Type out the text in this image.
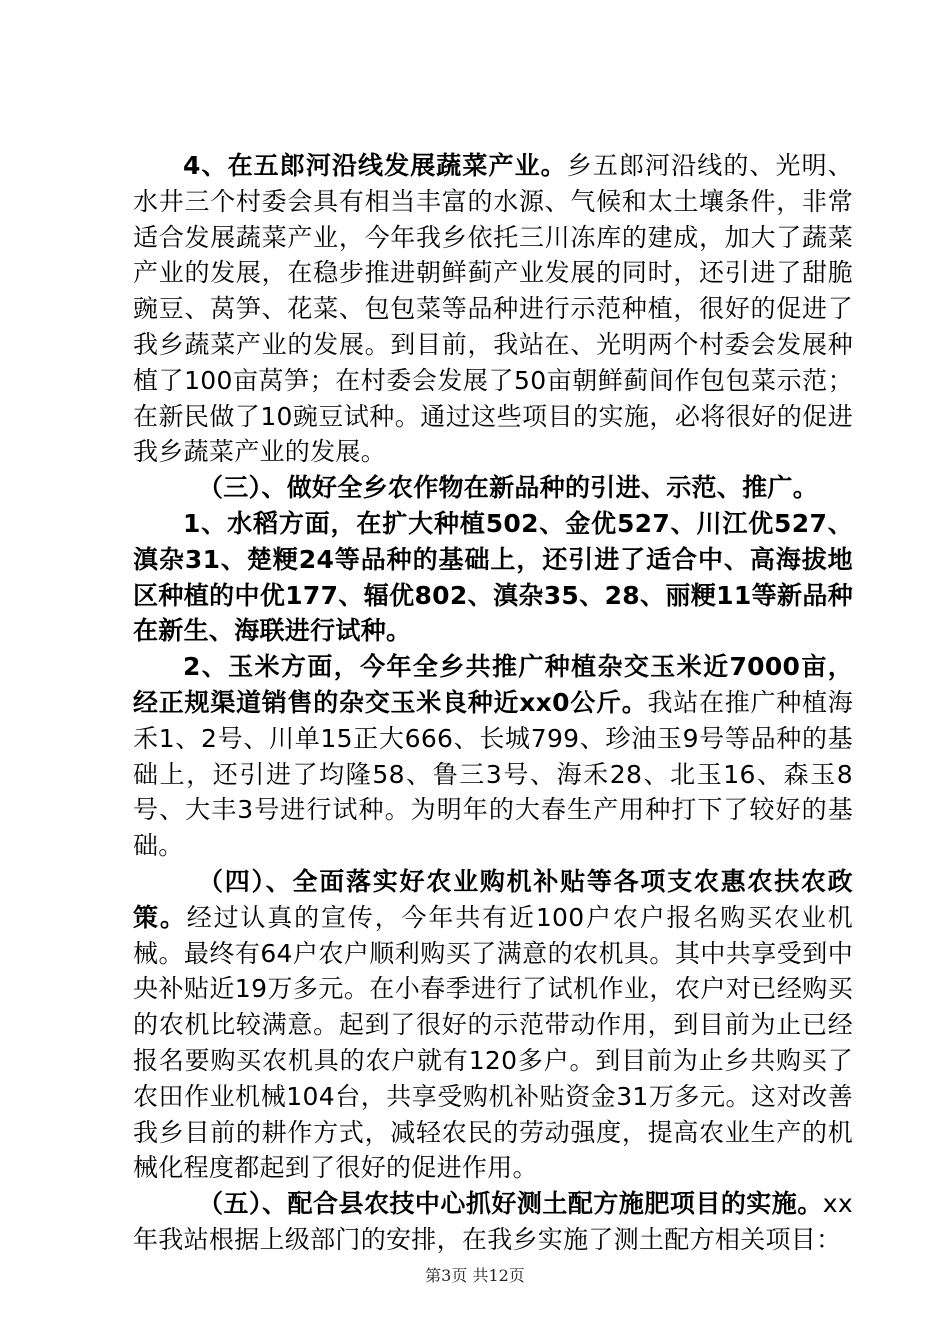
4、在五郎河沿线发展蔬菜产业。乡五郎河沿线的、光明、水井三个村委会具有相当丰富的水源、气候和太土壤条件，非常适合发展蔬菜产业，今年我乡依托三川冻库的建成，加大了蔬菜产业的发展，在稳步推进朝鲜蓟产业发展的同时，还引进了甜脆豌豆、莴笋、花菜、包包菜等品种进行示范种植，很好的促进了我乡蔬菜产业的发展。到目前，我站在、光明两个村委会发展种植了100亩莴笋；在村委会发展了50亩朝鲜蓟间作包包菜示范；在新民做了10豌豆试种。通过这些项目的实施，必将很好的促进我乡蔬菜产业的发展。

（三）、做好全乡农作物在新品种的引进、示范、推广。

1、水稻方面，在扩大种植502、金优527、川江优527、滇杂31、楚粳24等品种的基础上，还引进了适合中、高海拔地区种植的中优177、辐优802、滇杂35、28、丽粳11等新品种在新生、海联进行试种。

2、玉米方面，今年全乡共推广种植杂交玉米近7000亩，经正规渠道销售的杂交玉米良种近xx0公斤。我站在推广种植海禾1、2号、川单15正大666、长城799、珍油玉9号等品种的基础上，还引进了均隆58、鲁三3号、海禾28、北玉16、森玉8号、大丰3号进行试种。为明年的大春生产用种打下了较好的基础。

（四）、全面落实好农业购机补贴等各项支农惠农扶农政策。经过认真的宣传，今年共有近100户农户报名购买农业机械。最终有64户农户顺利购买了满意的农机具。其中共享受到中央补贴近19万多元。在小春季进行了试机作业，农户对已经购买的农机比较满意。起到了很好的示范带动作用，到目前为止已经报名要购买农机具的农户就有120多户。到目前为止乡共购买了农田作业机械104台，共享受购机补贴资金31万多元。这对改善我乡目前的耕作方式，减轻农民的劳动强度，提高农业生产的机械化程度都起到了很好的促进作用。

（五）、配合县农技中心抓好测土配方施肥项目的实施。xx年我站根据上级部门的安排，在我乡实施了测土配方相关项目：

第3页 共12页
